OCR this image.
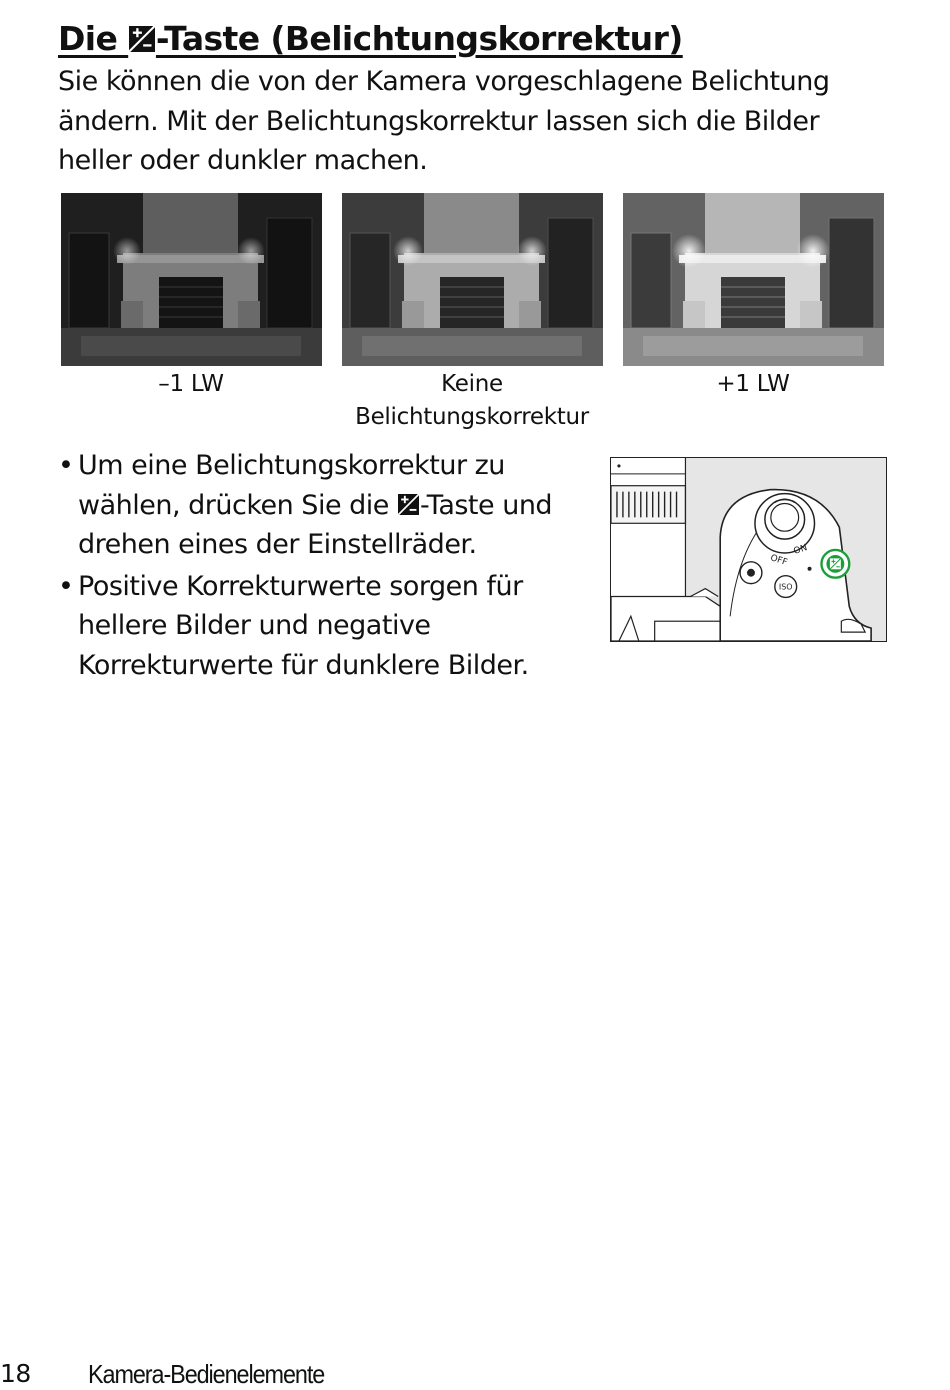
Die
-Taste (Belichtungskorrektur)

Sie können die von der Kamera vorgeschlagene Belichtung ändern. Mit der Belichtungskorrektur lassen sich die Bilder heller oder dunkler machen.

–1 LW	Keine Belichtungskorrektur

+1 LW

• Um eine Belichtungskorrektur zu wählen, drücken Sie die
-Taste und drehen eines der Einstellräder.
• Positive Korrekturwerte sorgen für hellere Bilder und negative Korrekturwerte für dunklere Bilder.
OFF
ON
ISO

18 Kamera-Bedienelemente
